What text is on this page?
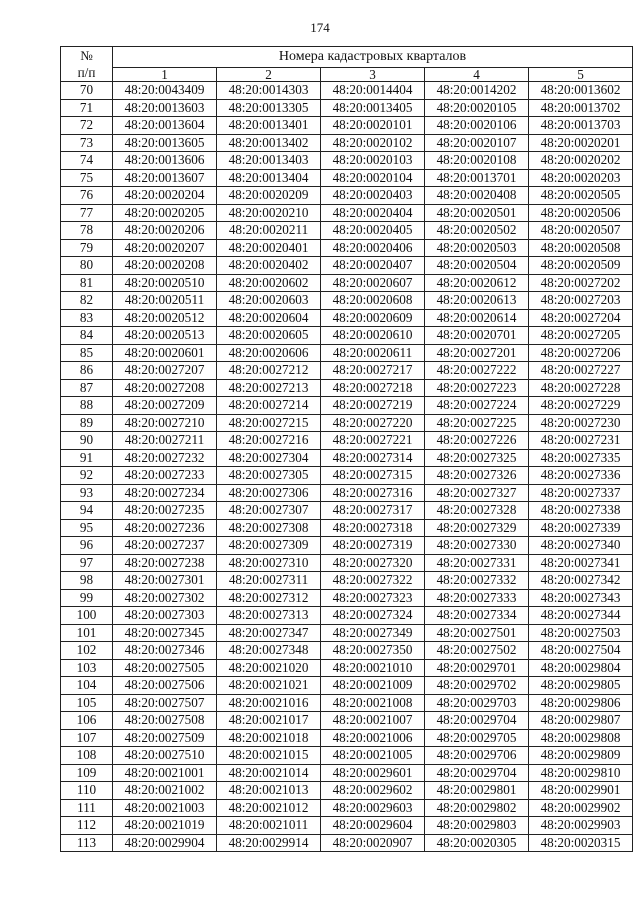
174
№
п/п	Номера кадастровых кварталов				
	1	2	3	4	5
70	48:20:0043409	48:20:0014303	48:20:0014404	48:20:0014202	48:20:0013602
71	48:20:0013603	48:20:0013305	48:20:0013405	48:20:0020105	48:20:0013702
72	48:20:0013604	48:20:0013401	48:20:0020101	48:20:0020106	48:20:0013703
73	48:20:0013605	48:20:0013402	48:20:0020102	48:20:0020107	48:20:0020201
74	48:20:0013606	48:20:0013403	48:20:0020103	48:20:0020108	48:20:0020202
75	48:20:0013607	48:20:0013404	48:20:0020104	48:20:0013701	48:20:0020203
76	48:20:0020204	48:20:0020209	48:20:0020403	48:20:0020408	48:20:0020505
77	48:20:0020205	48:20:0020210	48:20:0020404	48:20:0020501	48:20:0020506
78	48:20:0020206	48:20:0020211	48:20:0020405	48:20:0020502	48:20:0020507
79	48:20:0020207	48:20:0020401	48:20:0020406	48:20:0020503	48:20:0020508
80	48:20:0020208	48:20:0020402	48:20:0020407	48:20:0020504	48:20:0020509
81	48:20:0020510	48:20:0020602	48:20:0020607	48:20:0020612	48:20:0027202
82	48:20:0020511	48:20:0020603	48:20:0020608	48:20:0020613	48:20:0027203
83	48:20:0020512	48:20:0020604	48:20:0020609	48:20:0020614	48:20:0027204
84	48:20:0020513	48:20:0020605	48:20:0020610	48:20:0020701	48:20:0027205
85	48:20:0020601	48:20:0020606	48:20:0020611	48:20:0027201	48:20:0027206
86	48:20:0027207	48:20:0027212	48:20:0027217	48:20:0027222	48:20:0027227
87	48:20:0027208	48:20:0027213	48:20:0027218	48:20:0027223	48:20:0027228
88	48:20:0027209	48:20:0027214	48:20:0027219	48:20:0027224	48:20:0027229
89	48:20:0027210	48:20:0027215	48:20:0027220	48:20:0027225	48:20:0027230
90	48:20:0027211	48:20:0027216	48:20:0027221	48:20:0027226	48:20:0027231
91	48:20:0027232	48:20:0027304	48:20:0027314	48:20:0027325	48:20:0027335
92	48:20:0027233	48:20:0027305	48:20:0027315	48:20:0027326	48:20:0027336
93	48:20:0027234	48:20:0027306	48:20:0027316	48:20:0027327	48:20:0027337
94	48:20:0027235	48:20:0027307	48:20:0027317	48:20:0027328	48:20:0027338
95	48:20:0027236	48:20:0027308	48:20:0027318	48:20:0027329	48:20:0027339
96	48:20:0027237	48:20:0027309	48:20:0027319	48:20:0027330	48:20:0027340
97	48:20:0027238	48:20:0027310	48:20:0027320	48:20:0027331	48:20:0027341
98	48:20:0027301	48:20:0027311	48:20:0027322	48:20:0027332	48:20:0027342
99	48:20:0027302	48:20:0027312	48:20:0027323	48:20:0027333	48:20:0027343
100	48:20:0027303	48:20:0027313	48:20:0027324	48:20:0027334	48:20:0027344
101	48:20:0027345	48:20:0027347	48:20:0027349	48:20:0027501	48:20:0027503
102	48:20:0027346	48:20:0027348	48:20:0027350	48:20:0027502	48:20:0027504
103	48:20:0027505	48:20:0021020	48:20:0021010	48:20:0029701	48:20:0029804
104	48:20:0027506	48:20:0021021	48:20:0021009	48:20:0029702	48:20:0029805
105	48:20:0027507	48:20:0021016	48:20:0021008	48:20:0029703	48:20:0029806
106	48:20:0027508	48:20:0021017	48:20:0021007	48:20:0029704	48:20:0029807
107	48:20:0027509	48:20:0021018	48:20:0021006	48:20:0029705	48:20:0029808
108	48:20:0027510	48:20:0021015	48:20:0021005	48:20:0029706	48:20:0029809
109	48:20:0021001	48:20:0021014	48:20:0029601	48:20:0029704	48:20:0029810
110	48:20:0021002	48:20:0021013	48:20:0029602	48:20:0029801	48:20:0029901
111	48:20:0021003	48:20:0021012	48:20:0029603	48:20:0029802	48:20:0029902
112	48:20:0021019	48:20:0021011	48:20:0029604	48:20:0029803	48:20:0029903
113	48:20:0029904	48:20:0029914	48:20:0020907	48:20:0020305	48:20:0020315
